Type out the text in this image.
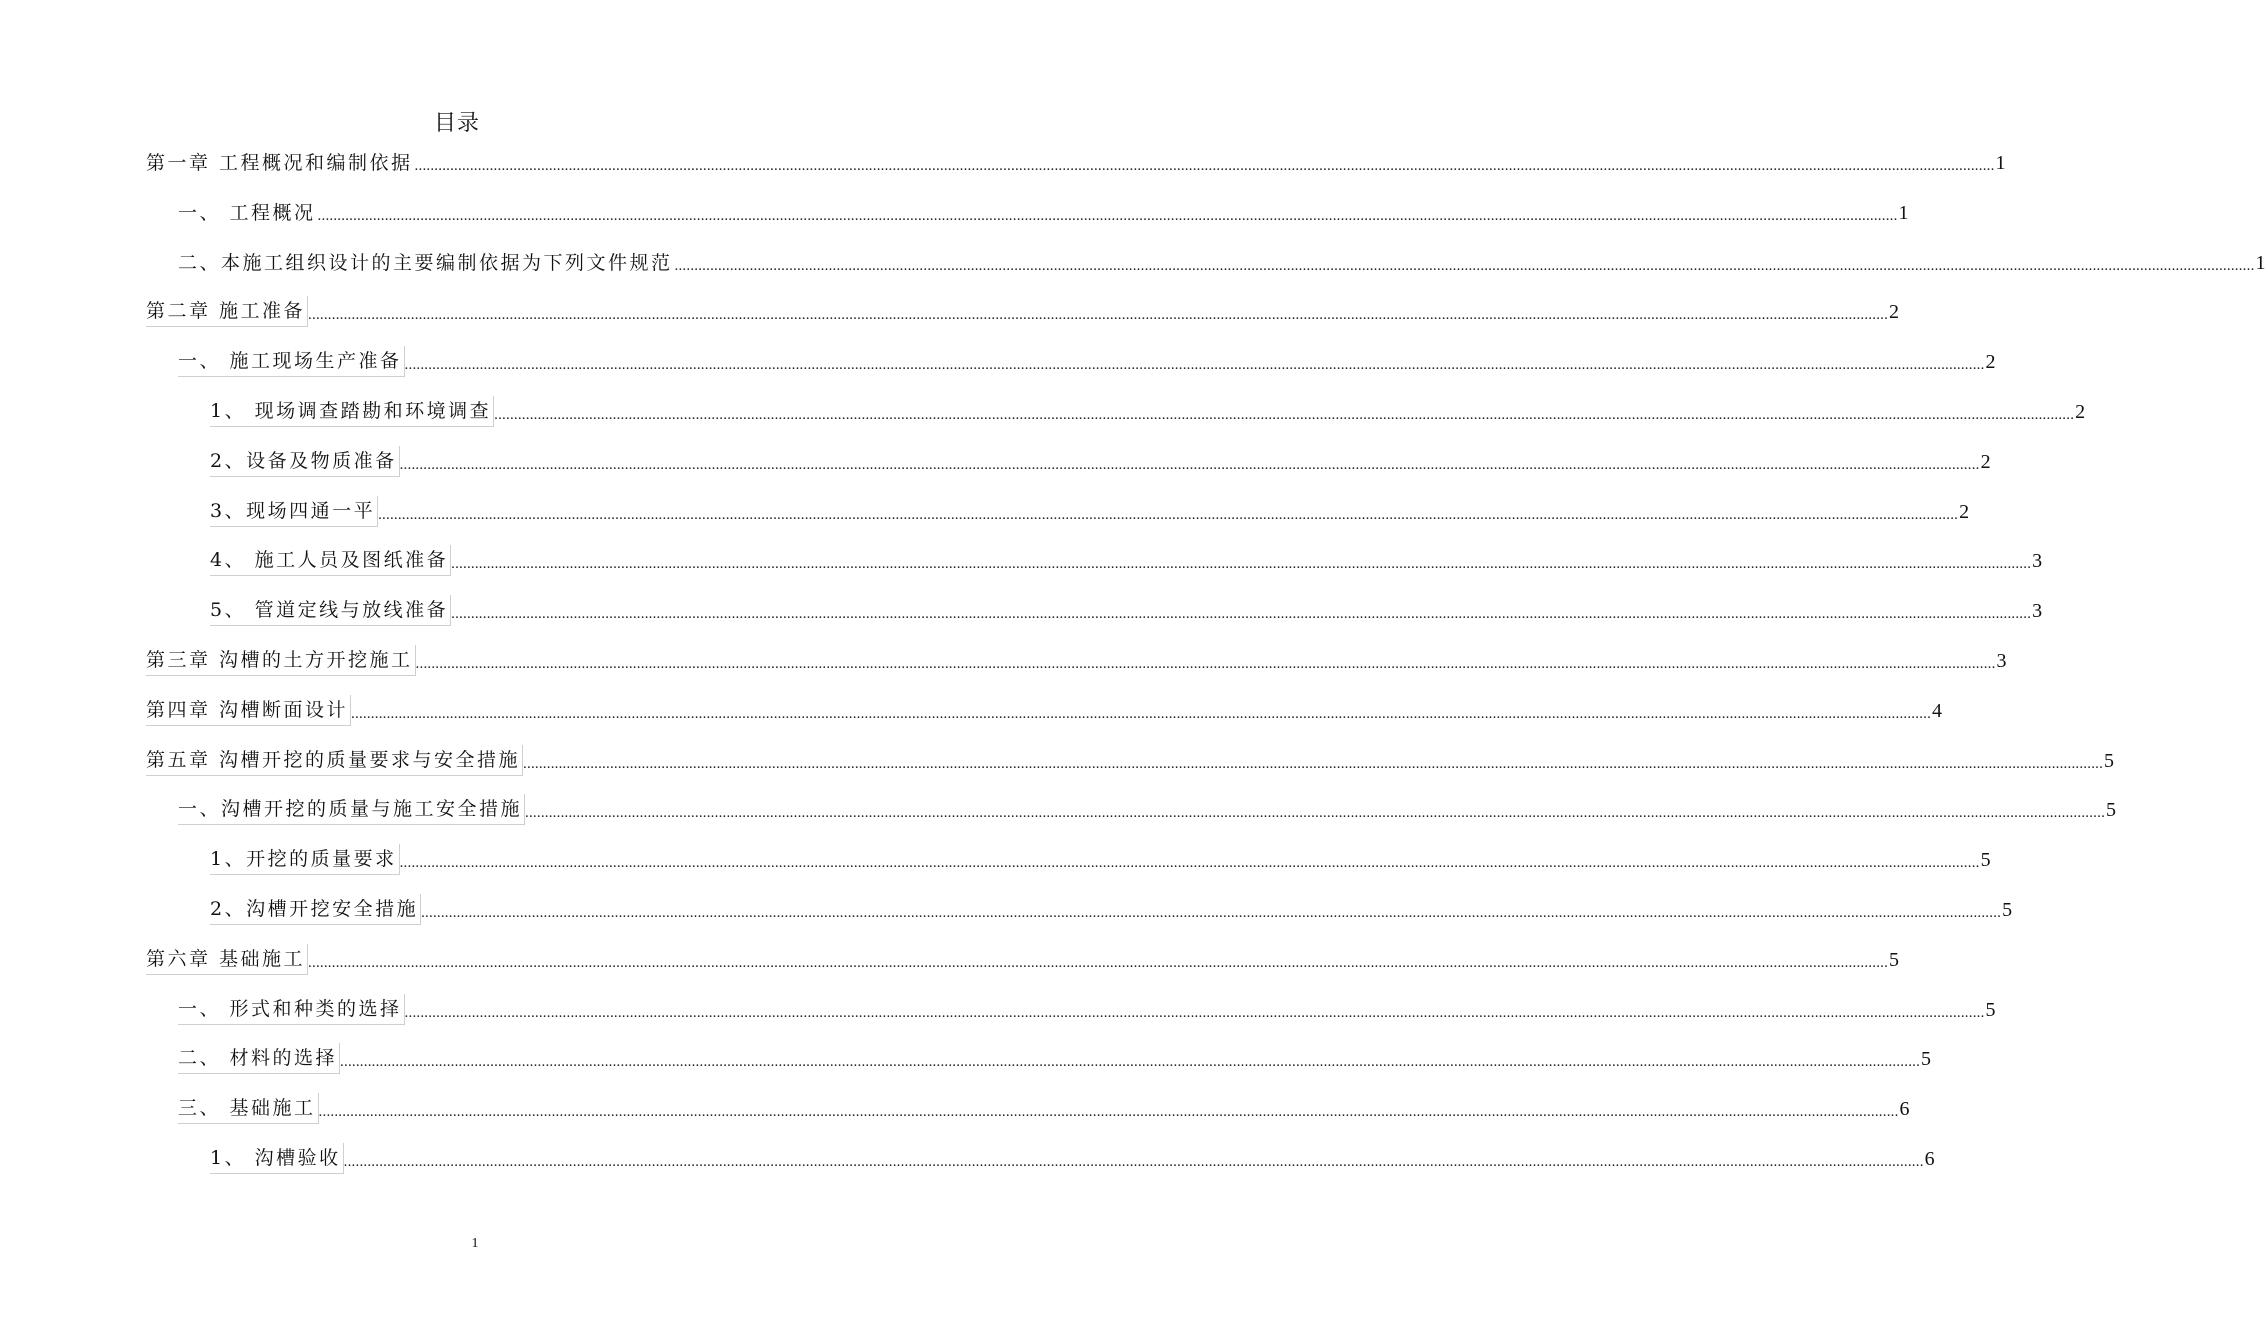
目录
第一章 工程概况和编制依据 ................................................................................................................................................................................................................................................................................................................................................................................................................ 1
一、 工程概况 ................................................................................................................................................................................................................................................................................................................................................................................................................ 1
二、本施工组织设计的主要编制依据为下列文件规范 ................................................................................................................................................................................................................................................................................................................................................................................................................ 1
第二章 施工准备 ................................................................................................................................................................................................................................................................................................................................................................................................................ 2
一、 施工现场生产准备 ................................................................................................................................................................................................................................................................................................................................................................................................................ 2
1、 现场调查踏勘和环境调查 ................................................................................................................................................................................................................................................................................................................................................................................................................ 2
2、设备及物质准备 ................................................................................................................................................................................................................................................................................................................................................................................................................ 2
3、现场四通一平 ................................................................................................................................................................................................................................................................................................................................................................................................................ 2
4、 施工人员及图纸准备 ................................................................................................................................................................................................................................................................................................................................................................................................................ 3
5、 管道定线与放线准备 ................................................................................................................................................................................................................................................................................................................................................................................................................ 3
第三章 沟槽的土方开挖施工 ................................................................................................................................................................................................................................................................................................................................................................................................................ 3
第四章 沟槽断面设计 ................................................................................................................................................................................................................................................................................................................................................................................................................ 4
第五章 沟槽开挖的质量要求与安全措施 ................................................................................................................................................................................................................................................................................................................................................................................................................ 5
一、沟槽开挖的质量与施工安全措施 ................................................................................................................................................................................................................................................................................................................................................................................................................ 5
1、开挖的质量要求 ................................................................................................................................................................................................................................................................................................................................................................................................................ 5
2、沟槽开挖安全措施 ................................................................................................................................................................................................................................................................................................................................................................................................................ 5
第六章 基础施工 ................................................................................................................................................................................................................................................................................................................................................................................................................ 5
一、 形式和种类的选择 ................................................................................................................................................................................................................................................................................................................................................................................................................ 5
二、 材料的选择 ................................................................................................................................................................................................................................................................................................................................................................................................................ 5
三、 基础施工 ................................................................................................................................................................................................................................................................................................................................................................................................................ 6
1、 沟槽验收 ................................................................................................................................................................................................................................................................................................................................................................................................................ 6
1
